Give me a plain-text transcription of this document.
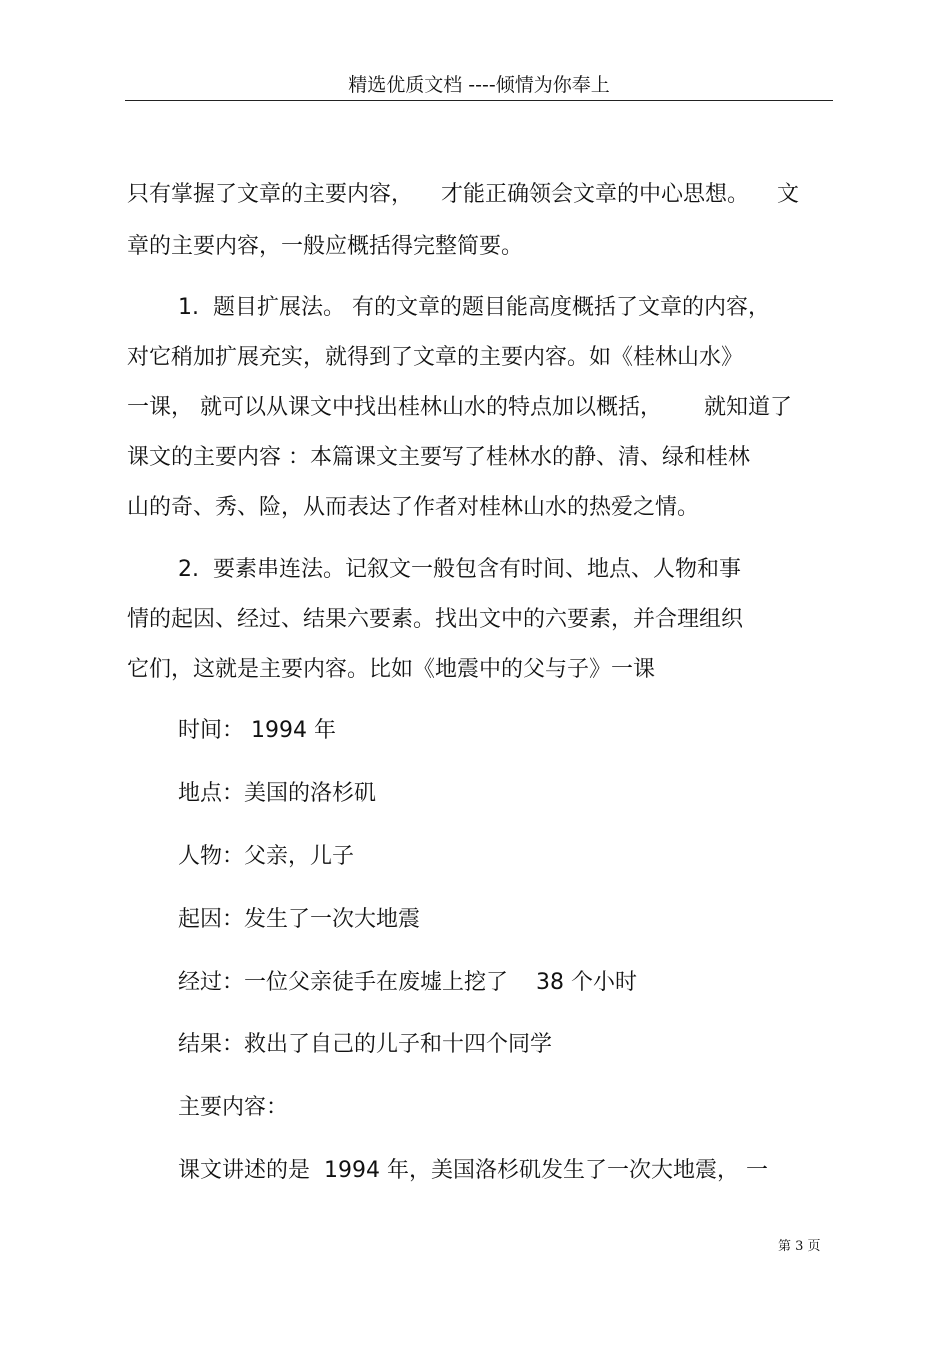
精选优质文档 ----倾情为你奉上
只有掌握了文章的主要内容，    才能正确领会文章的中心思想。    文
章的主要内容，一般应概括得完整简要。
1.  题目扩展法。 有的文章的题目能高度概括了文章的内容，
对它稍加扩展充实，就得到了文章的主要内容。如《桂林山水》
一课， 就可以从课文中找出桂林山水的特点加以概括，      就知道了
课文的主要内容 ：本篇课文主要写了桂林水的静、清、绿和桂林
山的奇、秀、险，从而表达了作者对桂林山水的热爱之情。
2.  要素串连法。记叙文一般包含有时间、地点、人物和事
情的起因、经过、结果六要素。找出文中的六要素，并合理组织
它们，这就是主要内容。比如《地震中的父与子》一课
时间： 1994 年
地点：美国的洛杉矶
人物：父亲，儿子
起因：发生了一次大地震
经过：一位父亲徒手在废墟上挖了    38 个小时
结果：救出了自己的儿子和十四个同学
主要内容：
课文讲述的是  1994 年，美国洛杉矶发生了一次大地震， 一
第 3 页
